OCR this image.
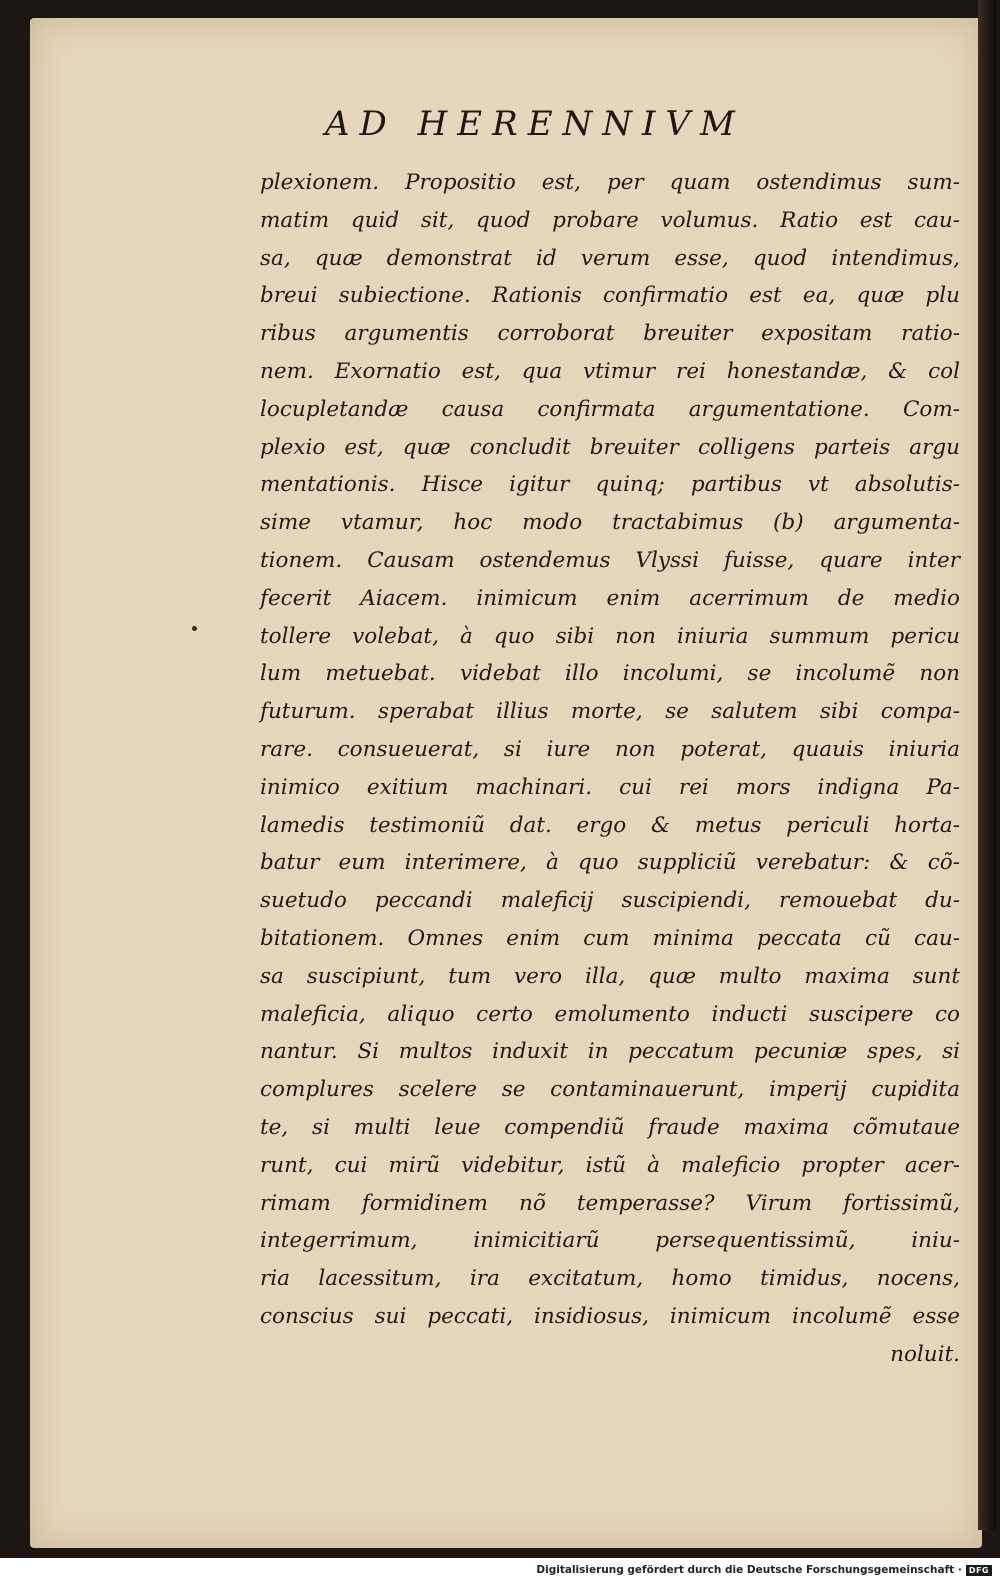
AD HERENNIVM
plexionem. Propositio est, per quam ostendimus sum-
matim quid sit, quod probare volumus. Ratio est cau-
sa, quæ demonstrat id verum esse, quod intendimus,
breui subiectione. Rationis confirmatio est ea, quæ plu
ribus argumentis corroborat breuiter expositam ratio-
nem. Exornatio est, qua vtimur rei honestandæ, & col
locupletandæ causa confirmata argumentatione. Com-
plexio est, quæ concludit breuiter colligens parteis argu
mentationis. Hisce igitur quinq; partibus vt absolutis-
sime vtamur, hoc modo tractabimus (b) argumenta-
tionem. Causam ostendemus Vlyssi fuisse, quare inter
fecerit Aiacem. inimicum enim acerrimum de medio
tollere volebat, à quo sibi non iniuria summum pericu
lum metuebat. videbat illo incolumi, se incolumẽ non
futurum. sperabat illius morte, se salutem sibi compa-
rare. consueuerat, si iure non poterat, quauis iniuria
inimico exitium machinari. cui rei mors indigna Pa-
lamedis testimoniũ dat. ergo & metus periculi horta-
batur eum interimere, à quo suppliciũ verebatur: & cõ-
suetudo peccandi maleficij suscipiendi, remouebat du-
bitationem. Omnes enim cum minima peccata cũ cau-
sa suscipiunt, tum vero illa, quæ multo maxima sunt
maleficia, aliquo certo emolumento inducti suscipere co
nantur. Si multos induxit in peccatum pecuniæ spes, si
complures scelere se contaminauerunt, imperij cupidita
te, si multi leue compendiũ fraude maxima cõmutaue
runt, cui mirũ videbitur, istũ à maleficio propter acer-
rimam formidinem nõ temperasse? Virum fortissimũ,
integerrimum, inimicitiarũ persequentissimũ, iniu-
ria lacessitum, ira excitatum, homo timidus, nocens,
conscius sui peccati, insidiosus, inimicum incolumẽ esse
noluit.
Digitalisierung gefördert durch die Deutsche Forschungsgemeinschaft · DFG
